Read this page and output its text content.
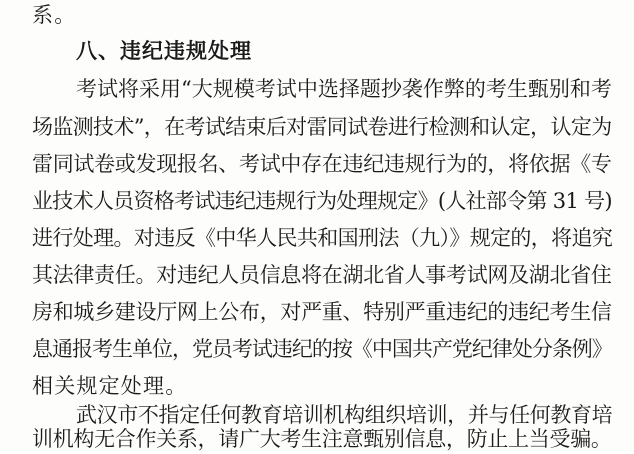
系。
八、违纪违规处理
考试将采用“大规模考试中选择题抄袭作弊的考生甄别和考
场监测技术”，在考试结束后对雷同试卷进行检测和认定，认定为
雷同试卷或发现报名、考试中存在违纪违规行为的，将依据《专
业技术人员资格考试违纪违规行为处理规定》(人社部令第 31 号)
进行处理。对违反《中华人民共和国刑法（九）》规定的，将追究
其法律责任。对违纪人员信息将在湖北省人事考试网及湖北省住
房和城乡建设厅网上公布，对严重、特别严重违纪的违纪考生信
息通报考生单位，党员考试违纪的按《中国共产党纪律处分条例》
相关规定处理。
武汉市不指定任何教育培训机构组织培训，并与任何教育培
训机构无合作关系，请广大考生注意甄别信息，防止上当受骗。
